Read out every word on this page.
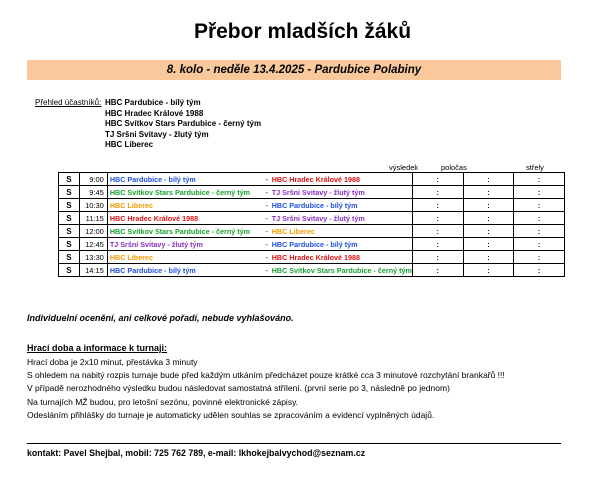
Přebor mladších žáků
8. kolo - neděle 13.4.2025 - Pardubice Polabiny
Přehled účastníků: HBC Pardubice - bílý tým
HBC Hradec Králové 1988
HBC Svítkov Stars Pardubice - černý tým
TJ Sršni Svitavy - žlutý tým
HBC Liberec
výsledek	poločas	střely
S	9:00	HBC Pardubice - bílý tým	-	HBC Hradec Králové 1988	:	:	:
S	9:45	HBC Svítkov Stars Pardubice - černý tým	-	TJ Sršni Svitavy - žlutý tým	:	:	:
S	10:30	HBC Liberec	-	HBC Pardubice - bílý tým	:	:	:
S	11:15	HBC Hradec Králové 1988	-	TJ Sršni Svitavy - žlutý tým	:	:	:
S	12:00	HBC Svítkov Stars Pardubice - černý tým	-	HBC Liberec	:	:	:
S	12:45	TJ Sršni Svitavy - žlutý tým	-	HBC Pardubice - bílý tým	:	:	:
S	13:30	HBC Liberec	-	HBC Hradec Králové 1988	:	:	:
S	14:15	HBC Pardubice - bílý tým	-	HBC Svítkov Stars Pardubice - černý tým	:	:	:
Individuelní ocenění, ani celkové pořadí, nebude vyhlašováno.
Hrací doba a informace k turnaji:
Hrací doba je 2x10 minut, přestávka 3 minuty
S ohledem na nabitý rozpis turnaje bude před každým utkáním předcházet pouze krátké cca 3 minutové rozchytání brankařů !!!
V případě nerozhodného výsledku budou následovat samostatná střílení. (první serie po 3, následně po jednom)
Na turnajích MŽ budou, pro letošní sezónu, povinné elektronické zápisy.
Odesláním přihlášky do turnaje je automaticky udělen souhlas se zpracováním a evidencí vyplněných údajů.
kontakt: Pavel Shejbal, mobil: 725 762 789, e-mail: lkhokejbalvychod@seznam.cz
